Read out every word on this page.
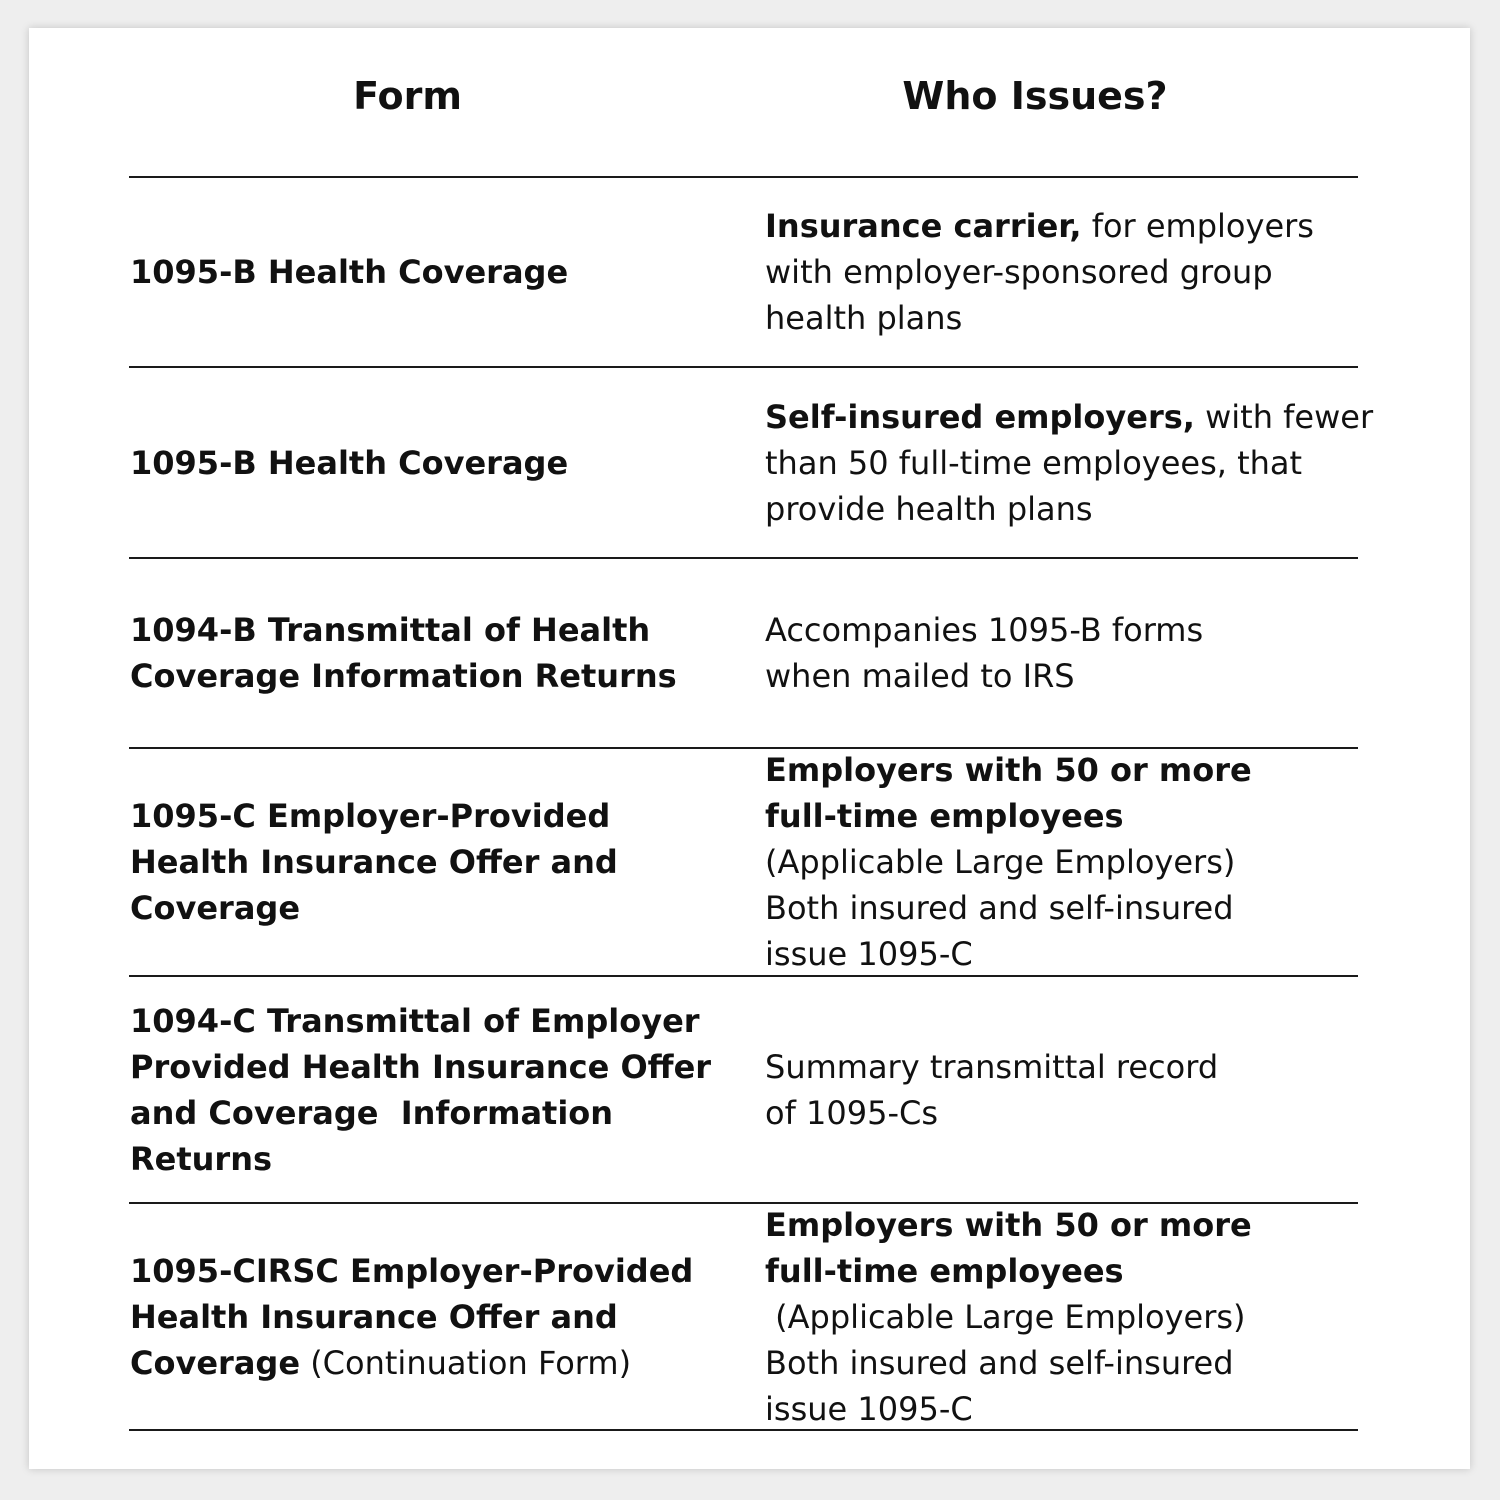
Form	Who Issues?
1095-B Health Coverage
Insurance carrier, for employers
with employer-sponsored group
health plans
1095-B Health Coverage
Self-insured employers, with fewer
than 50 full-time employees, that
provide health plans
1094-B Transmittal of Health
Coverage Information Returns
Accompanies 1095-B forms
when mailed to IRS
1095-C Employer-Provided
Health Insurance Offer and
Coverage
Employers with 50 or more
full-time employees
(Applicable Large Employers)
Both insured and self-insured
issue 1095-C
1094-C Transmittal of Employer
Provided Health Insurance Offer
and Coverage  Information
Returns
Summary transmittal record
of 1095-Cs
1095-CIRSC Employer-Provided
Health Insurance Offer and
Coverage (Continuation Form)
Employers with 50 or more
full-time employees
(Applicable Large Employers)
Both insured and self-insured
issue 1095-C
